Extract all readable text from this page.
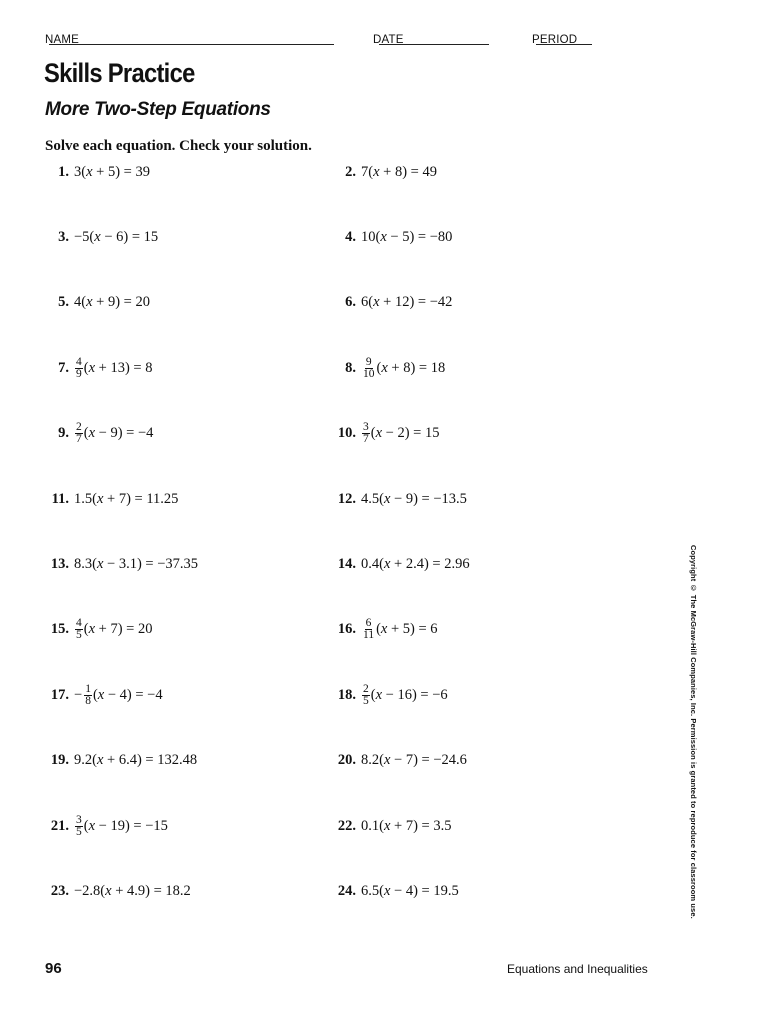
NAME	DATE	PERIOD
Skills Practice
More Two-Step Equations
Solve each equation. Check your solution.
1. 3(x + 5) = 39	2. 7(x + 8) = 49
3. −5(x − 6) = 15	4. 10(x − 5) = −80
5. 4(x + 9) = 20	6. 6(x + 12) = −42
7. $\frac{4}{9} (x + 13) = 8$	8. $\frac{9}{10} (x + 8) = 18$
9. $\frac{2}{7} (x - 9) = -4$	10. $\frac{3}{7} (x - 2) = 15$
11. 1.5(x + 7) = 11.25	12. 4.5(x − 9) = −13.5
13. 8.3(x − 3.1) = −37.35	14. 0.4(x + 2.4) = 2.96
15. $\frac{4}{5} (x + 7) = 20$	16. $\frac{6}{11} (x + 5) = 6$
17. − $\frac{1}{8} (x - 4) = -4$	18. $\frac{2}{5} (x - 16) = -6$
19. 9.2(x + 6.4) = 132.48	20. 8.2(x − 7) = −24.6
21. $\frac{3}{5} (x - 19) = -15$	22. 0.1(x + 7) = 3.5
23. −2.8(x + 4.9) = 18.2	24. 6.5(x − 4) = 19.5	Copyright © The McGraw-Hill Companies, Inc. Permission is granted to reproduce for classroom use.
96	Equations and Inequalities
